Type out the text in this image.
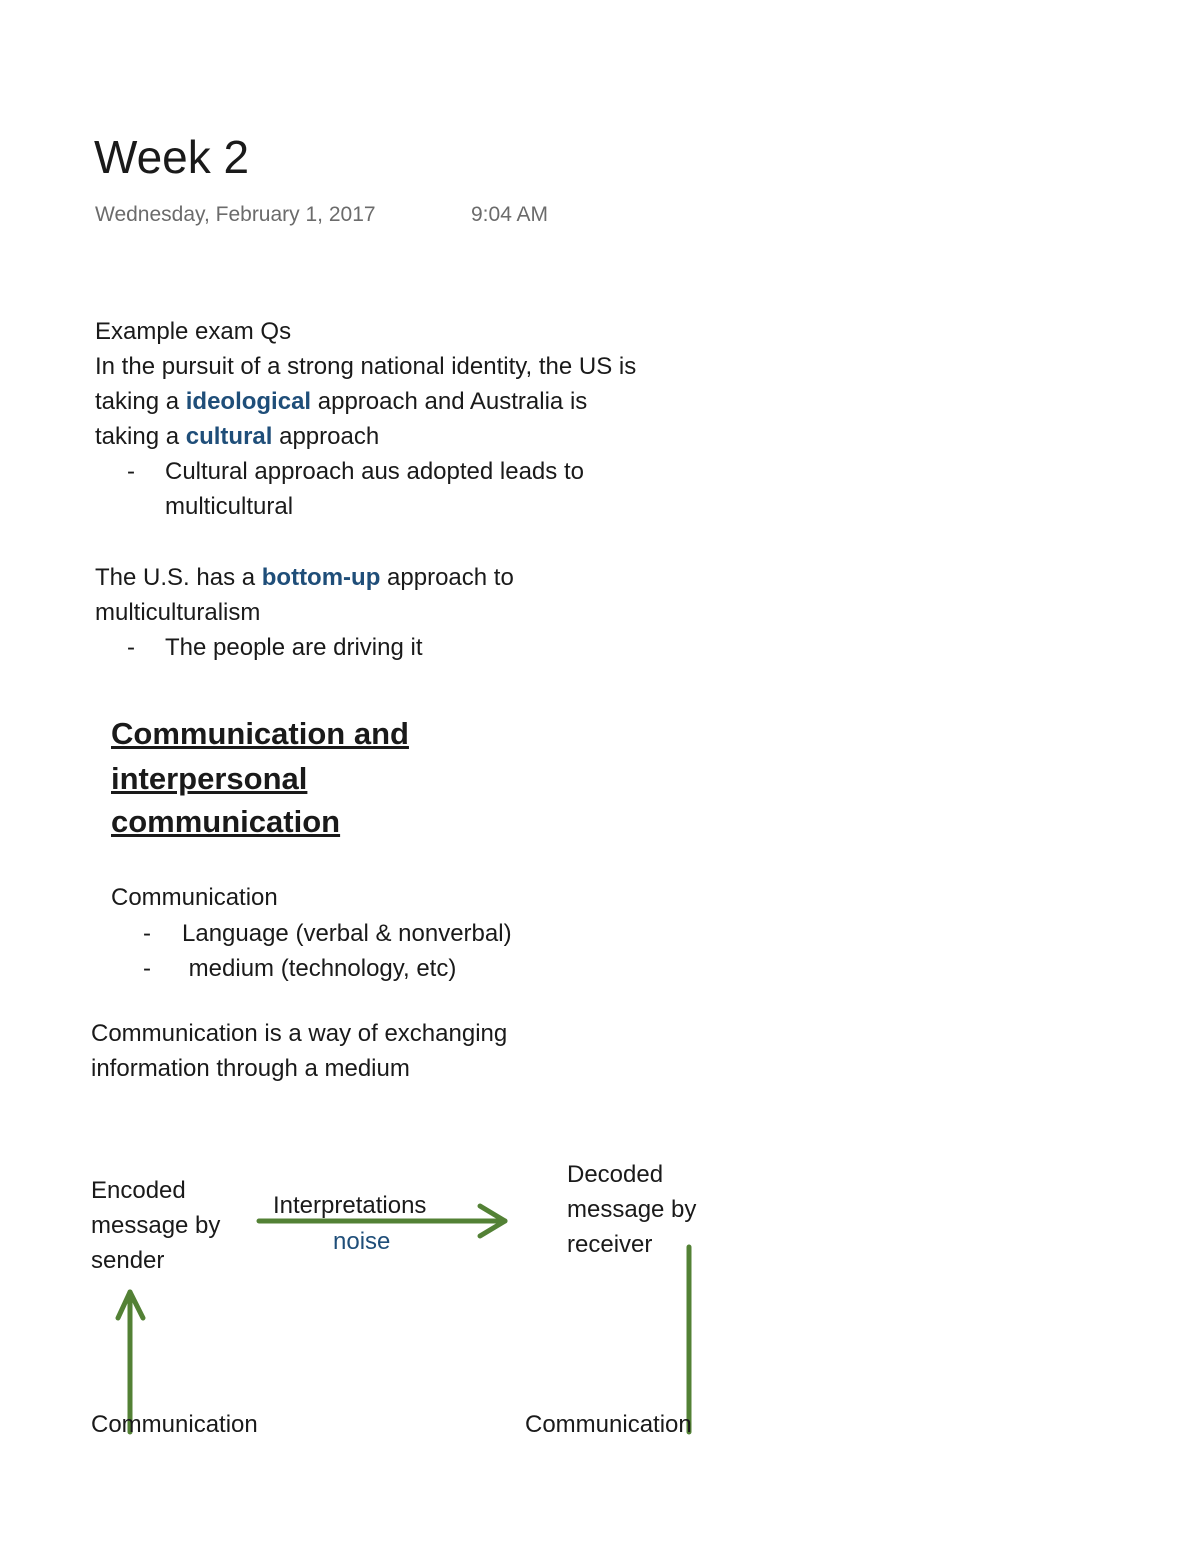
Week 2
Wednesday, February 1, 2017	9:04 AM
Example exam Qs
In the pursuit of a strong national identity, the US is
taking a ideological approach and Australia is
taking a cultural approach
- Cultural approach aus adopted leads to
multicultural
The U.S. has a bottom-up approach to
multiculturalism
- The people are driving it
Communication and
interpersonal
communication
Communication
- Language (verbal & nonverbal)
- medium (technology, etc)
Communication is a way of exchanging
information through a medium
Encoded
message by
sender
Interpretations
noise
Decoded
message by
receiver
Communication	Communication
